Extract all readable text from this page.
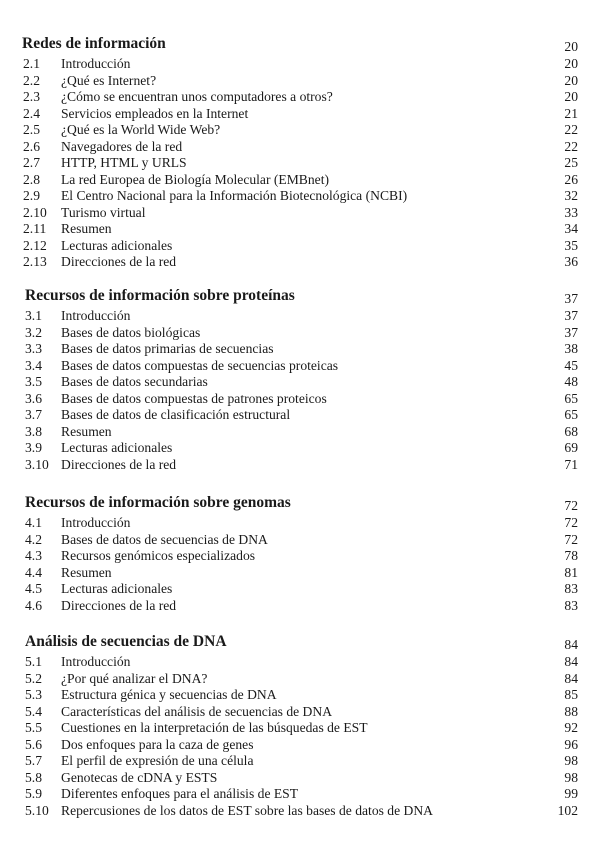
Redes de información	20
2.1	Introducción	20
2.2	¿Qué es Internet?	20
2.3	¿Cómo se encuentran unos computadores a otros?	20
2.4	Servicios empleados en la Internet	21
2.5	¿Qué es la World Wide Web?	22
2.6	Navegadores de la red	22
2.7	HTTP, HTML y URLS	25
2.8	La red Europea de Biología Molecular (EMBnet)	26
2.9	El Centro Nacional para la Información Biotecnológica (NCBI)	32
2.10	Turismo virtual	33
2.11	Resumen	34
2.12	Lecturas adicionales	35
2.13	Direcciones de la red	36
Recursos de información sobre proteínas	37
3.1	Introducción	37
3.2	Bases de datos biológicas	37
3.3	Bases de datos primarias de secuencias	38
3.4	Bases de datos compuestas de secuencias proteicas	45
3.5	Bases de datos secundarias	48
3.6	Bases de datos compuestas de patrones proteicos	65
3.7	Bases de datos de clasificación estructural	65
3.8	Resumen	68
3.9	Lecturas adicionales	69
3.10 Direcciones de la red	71
Recursos de información sobre genomas	72
4.1	Introducción	72
4.2	Bases de datos de secuencias de DNA	72
4.3	Recursos genómicos especializados	78
4.4	Resumen	81
4.5	Lecturas adicionales	83
4.6	Direcciones de la red	83
Análisis de secuencias de DNA	84
5.1	Introducción	84
5.2	¿Por qué analizar el DNA?	84
5.3	Estructura génica y secuencias de DNA	85
5.4	Características del análisis de secuencias de DNA	88
5.5	Cuestiones en la interpretación de las búsquedas de EST	92
5.6	Dos enfoques para la caza de genes	96
5.7	El perfil de expresión de una célula	98
5.8	Genotecas de cDNA y ESTS	98
5.9	Diferentes enfoques para el análisis de EST	99
5.10 Repercusiones de los datos de EST sobre las bases de datos de DNA	102
